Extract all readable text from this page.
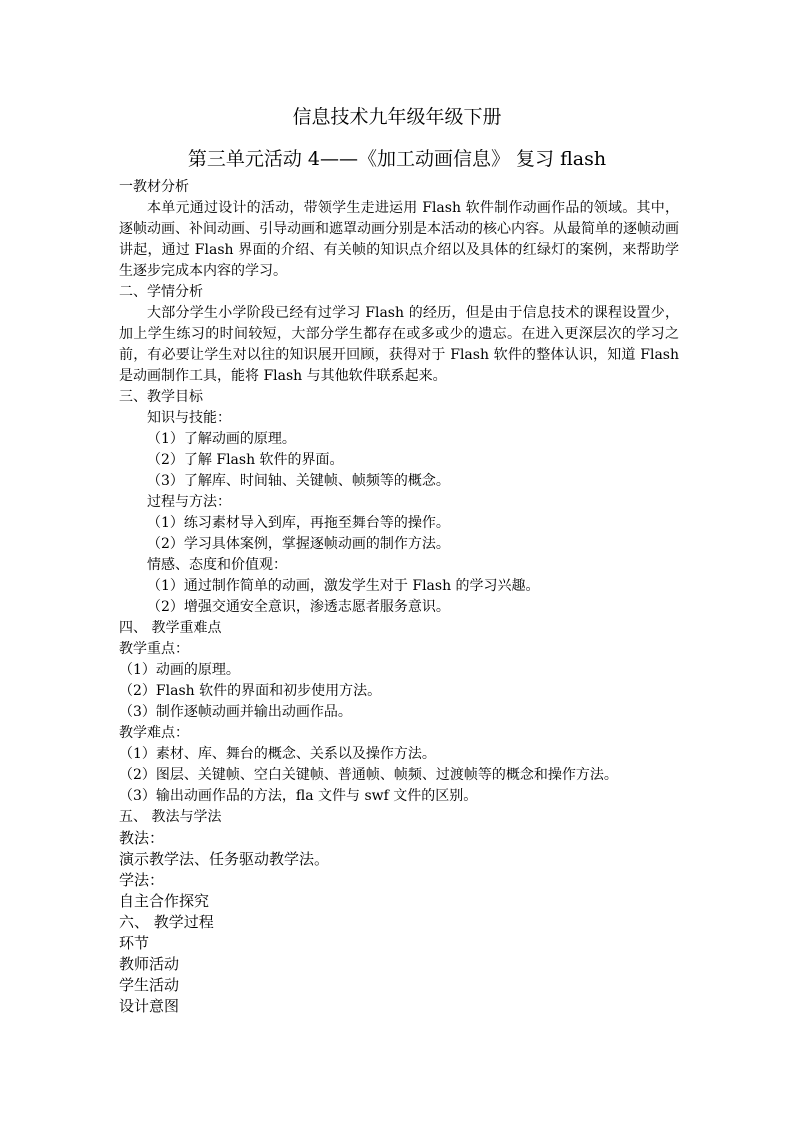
信息技术九年级年级下册
第三单元活动 4——《加工动画信息》 复习 flash

一教材分析

本单元通过设计的活动，带领学生走进运用 Flash 软件制作动画作品的领域。其中，逐帧动画、补间动画、引导动画和遮罩动画分别是本活动的核心内容。从最简单的逐帧动画讲起，通过 Flash 界面的介绍、有关帧的知识点介绍以及具体的红绿灯的案例，来帮助学生逐步完成本内容的学习。

二、学情分析

大部分学生小学阶段已经有过学习 Flash 的经历，但是由于信息技术的课程设置少，加上学生练习的时间较短，大部分学生都存在或多或少的遗忘。在进入更深层次的学习之前，有必要让学生对以往的知识展开回顾，获得对于 Flash 软件的整体认识，知道 Flash 是动画制作工具，能将 Flash 与其他软件联系起来。

三、教学目标

知识与技能：

（1）了解动画的原理。

（2）了解 Flash 软件的界面。

（3）了解库、时间轴、关键帧、帧频等的概念。

过程与方法：

（1）练习素材导入到库，再拖至舞台等的操作。

（2）学习具体案例，掌握逐帧动画的制作方法。

情感、态度和价值观：

（1）通过制作简单的动画，激发学生对于 Flash 的学习兴趣。

（2）增强交通安全意识，渗透志愿者服务意识。

四、 教学重难点

教学重点：

（1）动画的原理。

（2）Flash 软件的界面和初步使用方法。

（3）制作逐帧动画并输出动画作品。

教学难点：

（1）素材、库、舞台的概念、关系以及操作方法。

（2）图层、关键帧、空白关键帧、普通帧、帧频、过渡帧等的概念和操作方法。

（3）输出动画作品的方法，fla 文件与 swf 文件的区别。

五、 教法与学法

教法：

演示教学法、任务驱动教学法。

学法：

自主合作探究

六、 教学过程

环节

教师活动

学生活动

设计意图
